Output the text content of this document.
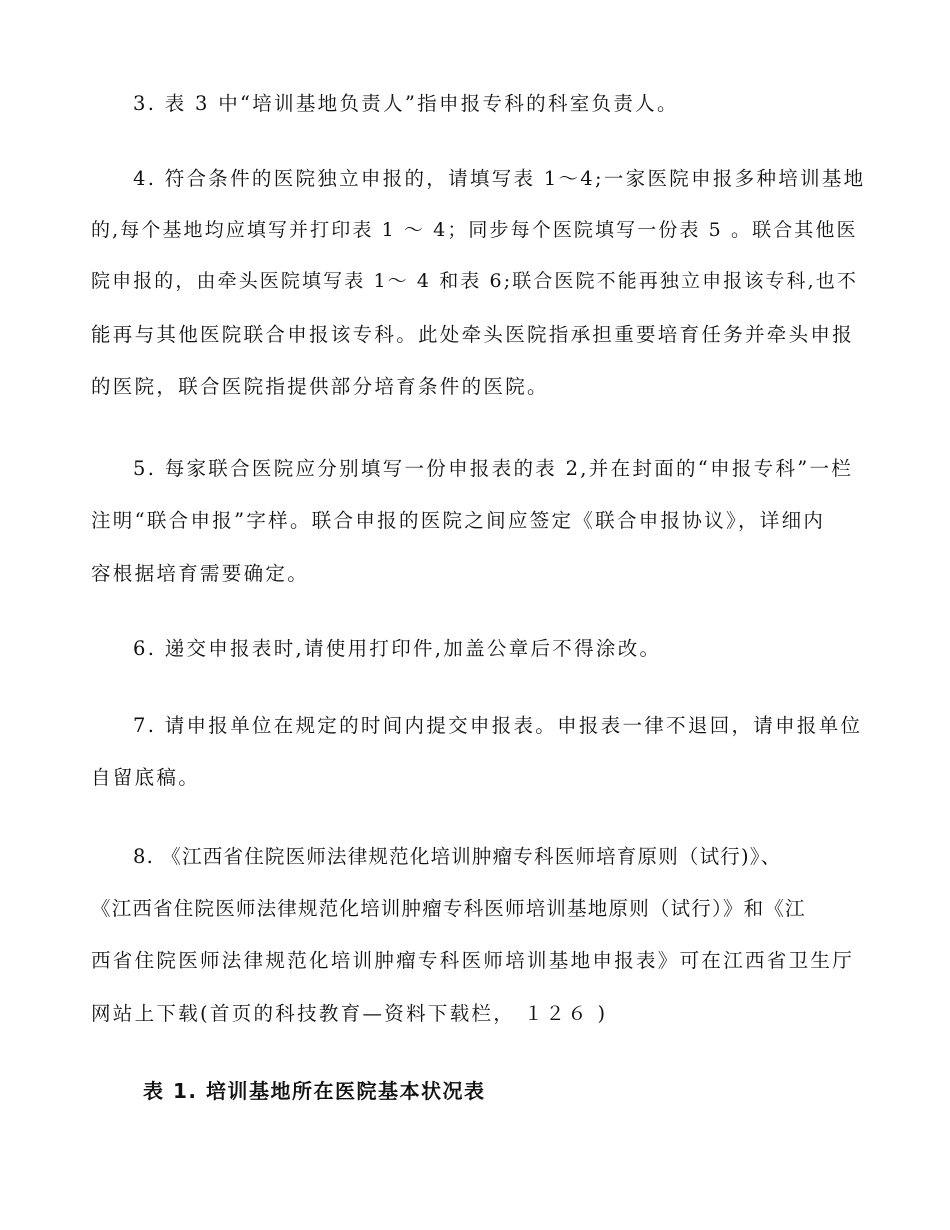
3. 表 3 中“培训基地负责人”指申报专科的科室负责人。
4. 符合条件的医院独立申报的，请填写表 1～4;一家医院申报多种培训基地
的,每个基地均应填写并打印表 1 ～ 4；同步每个医院填写一份表 5 。联合其他医
院申报的，由牵头医院填写表 1～ 4 和表 6;联合医院不能再独立申报该专科,也不
能再与其他医院联合申报该专科。此处牵头医院指承担重要培育任务并牵头申报
的医院，联合医院指提供部分培育条件的医院。
5. 每家联合医院应分别填写一份申报表的表 2,并在封面的“申报专科”一栏
注明“联合申报”字样。联合申报的医院之间应签定《联合申报协议》，详细内
容根据培育需要确定。
6. 递交申报表时,请使用打印件,加盖公章后不得涂改。
7. 请申报单位在规定的时间内提交申报表。申报表一律不退回，请申报单位
自留底稿。
8. 《江西省住院医师法律规范化培训肿瘤专科医师培育原则（试行)》、
《江西省住院医师法律规范化培训肿瘤专科医师培训基地原则（试行）》和《江
西省住院医师法律规范化培训肿瘤专科医师培训基地申报表》可在江西省卫生厅
网站上下载(首页的科技教育—资料下载栏， １２６ )
表 1. 培训基地所在医院基本状况表
